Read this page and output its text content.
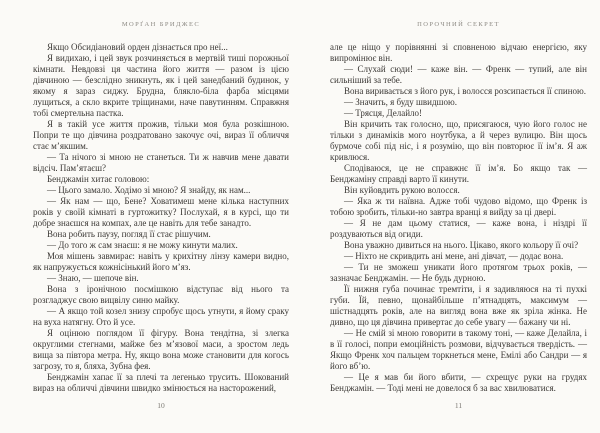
МОРҐАН БРИДЖЕС

Якщо Обсидіановий орден дізнається про неї...

Я видихаю, і цей звук розчиняється в мертвій тиші порожньої кімнати. Невдовзі ця частина його життя — разом із цією дівчиною — безслідно зникнуть, як і цей занедбаний будинок, у якому я зараз сиджу. Брудна, блякло-біла фарба місцями лущиться, а скло вкрите тріщинами, наче павутинням. Справжня тобі смертельна пастка.

Я в такій усе життя прожив, тільки моя була розкішною. Попри те що дівчина роздратовано закочує очі, вираз її обличчя стає м’якшим.

— Та нічого зі мною не станеться. Ти ж навчив мене давати відсіч. Пам’ятаєш?

Бенджамін хитає головою:

— Цього замало. Ходімо зі мною? Я знайду, як нам...

— Як нам — що, Бене? Ховатимеш мене кілька наступних років у своїй кімнаті в гуртожитку? Послухай, я в курсі, що ти добре знаєшся на компах, але це навіть для тебе занадто.

Вона робить паузу, погляд її стає рішучим.

— До того ж сам знаєш: я не можу кинути малих.

Моя мішень завмирає: навіть у крихітну лінзу камери видно, як напружується кожнісінький його м’яз.

— Знаю, — шепоче він.

Вона з іронічною посмішкою відступає від нього та розгладжує свою вицвілу синю майку.

— А якщо той козел знизу спробує щось утнути, я йому сраку на вуха натягну. Ото й усе.

Я оцінюю поглядом її фігуру. Вона тендітна, зі злегка округлими стегнами, майже без м’язової маси, а зростом ледь вища за півтора метра. Ну, якщо вона може становити для когось загрозу, то я, бляха, Зубна фея.

Бенджамін хапає її за плечі та легенько трусить. Шокований вираз на обличчі дівчини швидко змінюється на насторожений,

10
ПОРОЧНИЙ СЕКРЕТ

але це ніщо у порівнянні зі сповненою відчаю енергією, яку випромінює він.

— Слухай сюди! — каже він. — Френк — тупий, але він сильніший за тебе.

Вона виривається з його рук, і волосся розсипається її спиною.

— Значить, я буду швидшою.

— Трясця, Делайло!

Він кричить так голосно, що, присягаюся, чую його голос не тільки з динаміків мого ноутбука, а й через вулицю. Він щось бурмоче собі під ніс, і я розумію, що він повторює її ім’я. Я аж кривлюся.

Сподіваюся, це не справжнє її ім’я. Бо якщо так — Бенджаміну справді варто її кинути.

Він куйовдить рукою волосся.

— Яка ж ти наївна. Адже тобі чудово відомо, що Френк із тобою зробить, тільки-но завтра вранці я вийду за ці двері.

— Я не дам цьому статися, — каже вона, і ніздрі її роздуваються від огиди.

Вона уважно дивиться на нього. Цікаво, якого кольору її очі?

— Ніхто не скривдить ані мене, ані дівчат, — додає вона.

— Ти не зможеш уникати його протягом трьох років, — зазначає Бенджамін. — Не будь дурною.

Її нижня губа починає тремтіти, і я задивляюся на ті пухкі губи. Їй, певно, щонайбільше п’ятнадцять, максимум — шістнадцять років, але на вигляд вона вже як зріла жінка. Не дивно, що ця дівчина привертає до себе увагу — бажану чи ні.

— Не смій зі мною говорити в такому тоні, — каже Делайла, і в її голосі, попри емоційність розмови, відчувається твердість. — Якщо Френк хоч пальцем торкнеться мене, Емілі або Сандри — я його вб’ю.

— Це я мав би його вбити, — схрещує руки на грудях Бенджамін. — Тоді мені не довелося б за вас хвилюватися.

11
